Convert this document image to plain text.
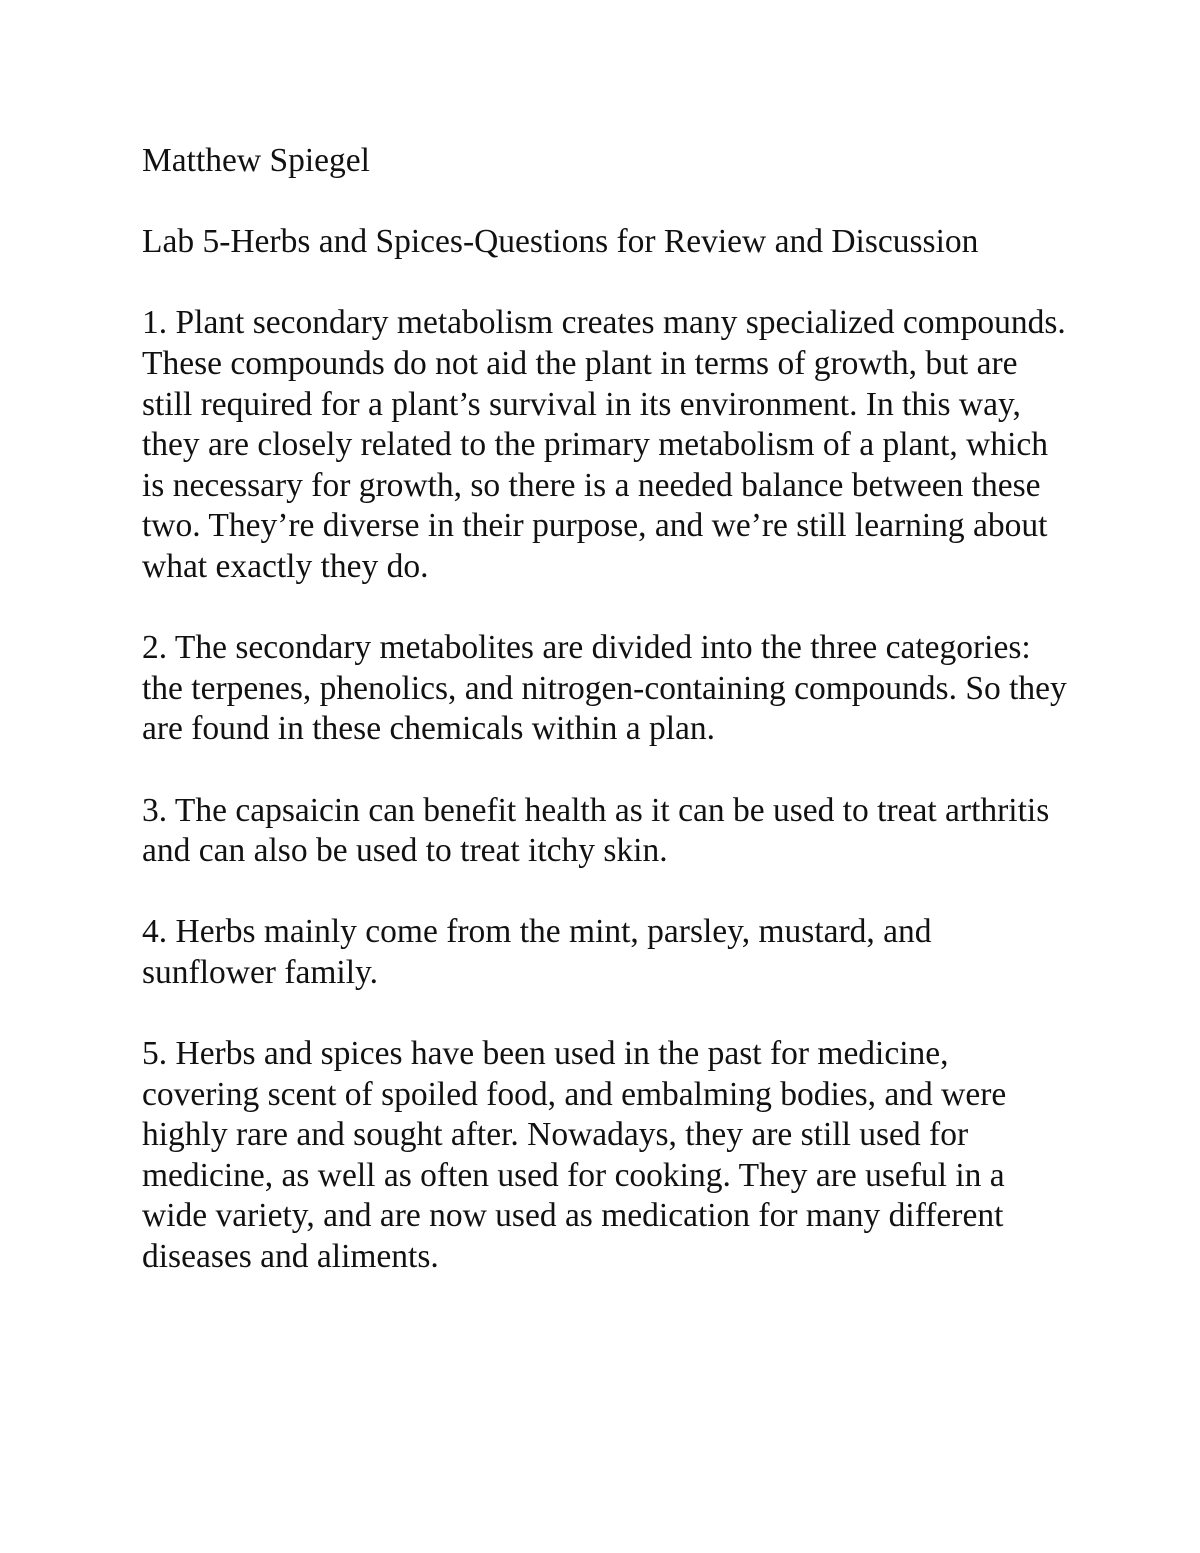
Matthew Spiegel

Lab 5-Herbs and Spices-Questions for Review and Discussion

1. Plant secondary metabolism creates many specialized compounds. These compounds do not aid the plant in terms of growth, but are still required for a plant’s survival in its environment. In this way, they are closely related to the primary metabolism of a plant, which is necessary for growth, so there is a needed balance between these two. They’re diverse in their purpose, and we’re still learning about what exactly they do.

2. The secondary metabolites are divided into the three categories: the terpenes, phenolics, and nitrogen-containing compounds. So they are found in these chemicals within a plan.

3. The capsaicin can benefit health as it can be used to treat arthritis and can also be used to treat itchy skin.

4. Herbs mainly come from the mint, parsley, mustard, and sunflower family.

5. Herbs and spices have been used in the past for medicine, covering scent of spoiled food, and embalming bodies, and were highly rare and sought after. Nowadays, they are still used for medicine, as well as often used for cooking. They are useful in a wide variety, and are now used as medication for many different diseases and aliments.
